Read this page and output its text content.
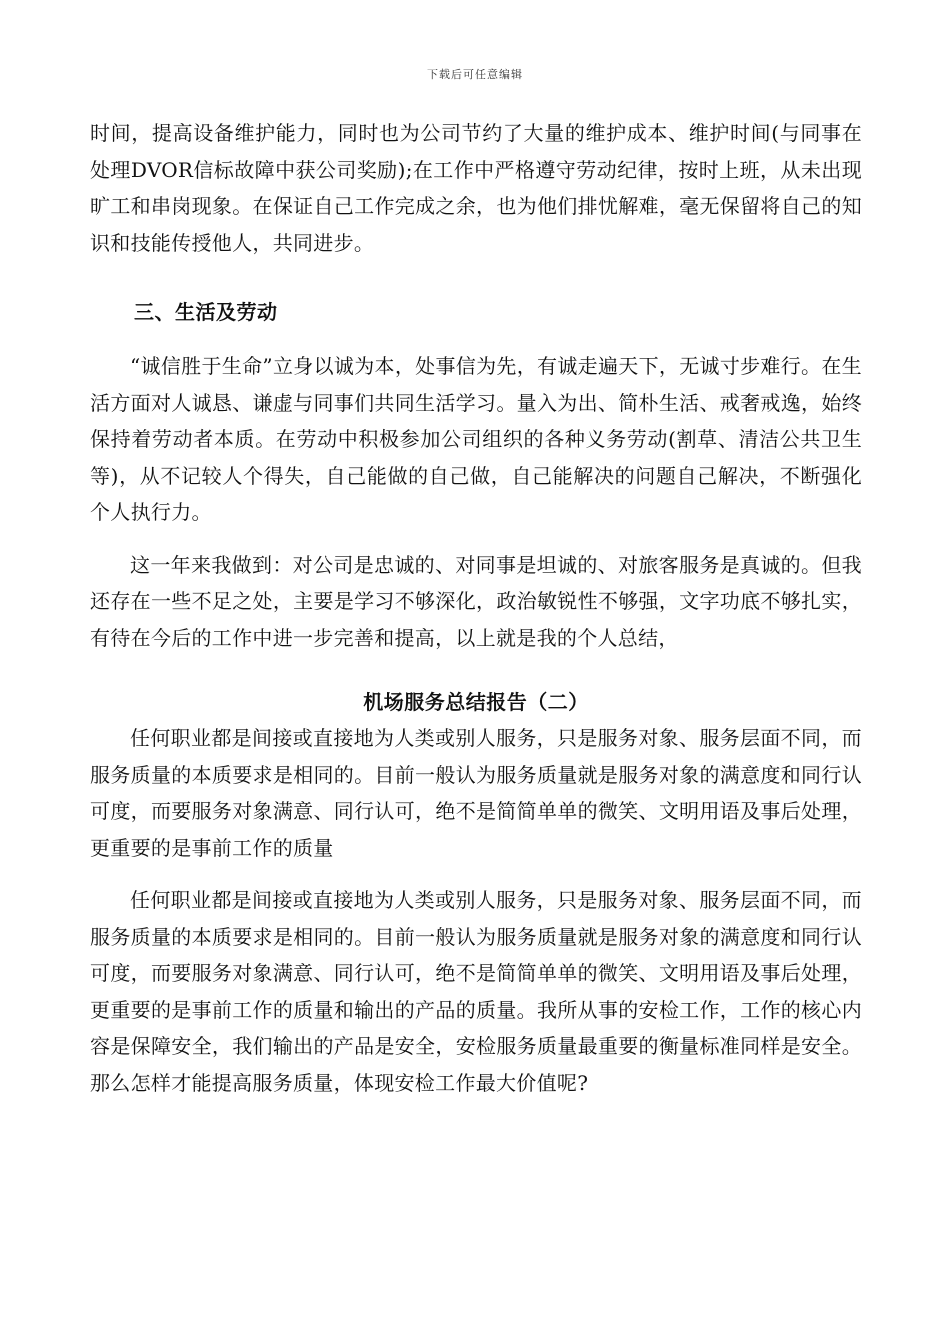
下载后可任意编辑

时间，提高设备维护能力，同时也为公司节约了大量的维护成本、维护时间(与同事在处理DVOR信标故障中获公司奖励);在工作中严格遵守劳动纪律，按时上班，从未出现旷工和串岗现象。在保证自己工作完成之余，也为他们排忧解难，毫无保留将自己的知识和技能传授他人，共同进步。

三、生活及劳动

“诚信胜于生命”立身以诚为本，处事信为先，有诚走遍天下，无诚寸步难行。在生活方面对人诚恳、谦虚与同事们共同生活学习。量入为出、简朴生活、戒奢戒逸，始终保持着劳动者本质。在劳动中积极参加公司组织的各种义务劳动(割草、清洁公共卫生等)，从不记较人个得失，自己能做的自己做，自己能解决的问题自己解决，不断强化个人执行力。

这一年来我做到：对公司是忠诚的、对同事是坦诚的、对旅客服务是真诚的。但我还存在一些不足之处，主要是学习不够深化，政治敏锐性不够强，文字功底不够扎实，有待在今后的工作中进一步完善和提高，以上就是我的个人总结，

机场服务总结报告（二）

任何职业都是间接或直接地为人类或别人服务，只是服务对象、服务层面不同，而服务质量的本质要求是相同的。目前一般认为服务质量就是服务对象的满意度和同行认可度，而要服务对象满意、同行认可，绝不是简简单单的微笑、文明用语及事后处理，更重要的是事前工作的质量

任何职业都是间接或直接地为人类或别人服务，只是服务对象、服务层面不同，而服务质量的本质要求是相同的。目前一般认为服务质量就是服务对象的满意度和同行认可度，而要服务对象满意、同行认可，绝不是简简单单的微笑、文明用语及事后处理，更重要的是事前工作的质量和输出的产品的质量。我所从事的安检工作，工作的核心内容是保障安全，我们输出的产品是安全，安检服务质量最重要的衡量标准同样是安全。那么怎样才能提高服务质量，体现安检工作最大价值呢?
